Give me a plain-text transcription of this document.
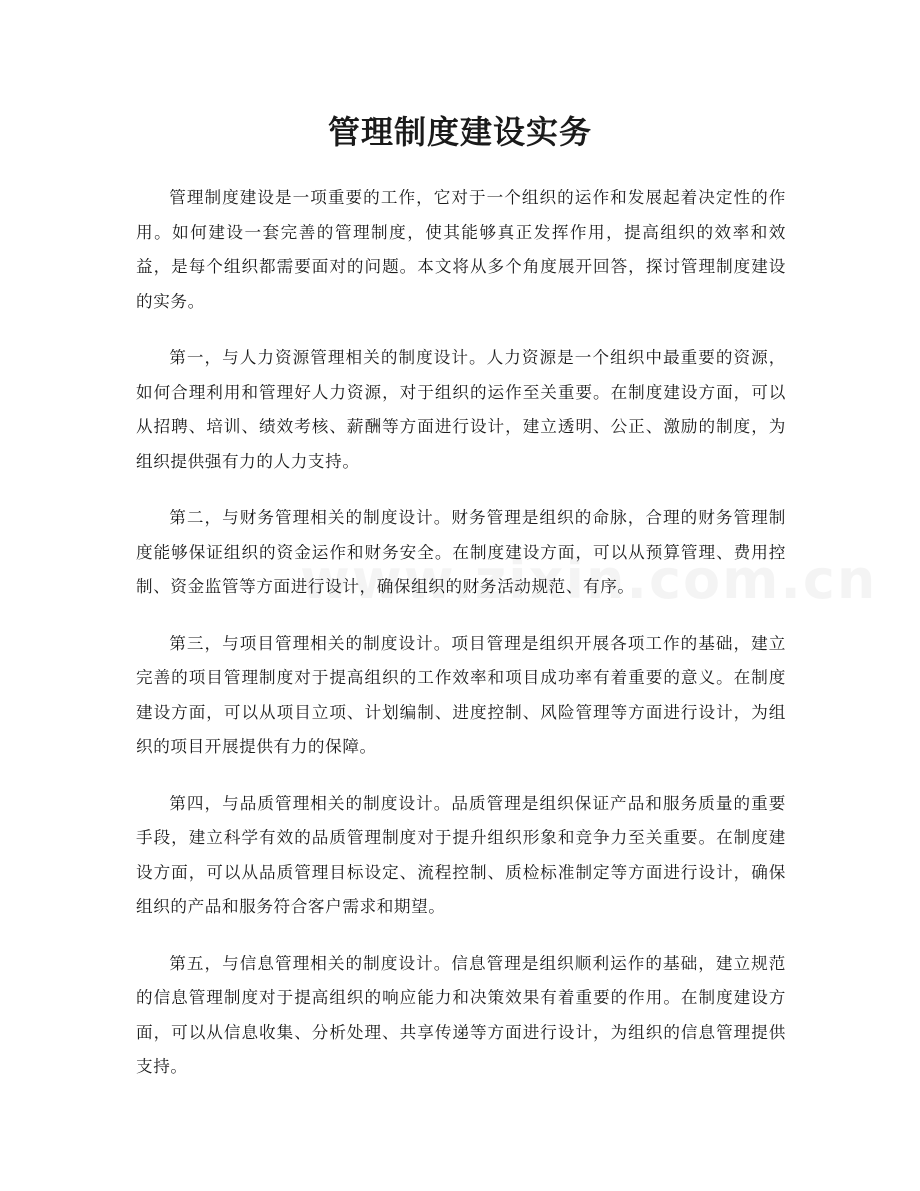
管理制度建设实务

管理制度建设是一项重要的工作，它对于一个组织的运作和发展起着决定性的作用。如何建设一套完善的管理制度，使其能够真正发挥作用，提高组织的效率和效益，是每个组织都需要面对的问题。本文将从多个角度展开回答，探讨管理制度建设的实务。

第一，与人力资源管理相关的制度设计。人力资源是一个组织中最重要的资源，如何合理利用和管理好人力资源，对于组织的运作至关重要。在制度建设方面，可以从招聘、培训、绩效考核、薪酬等方面进行设计，建立透明、公正、激励的制度，为组织提供强有力的人力支持。

第二，与财务管理相关的制度设计。财务管理是组织的命脉，合理的财务管理制度能够保证组织的资金运作和财务安全。在制度建设方面，可以从预算管理、费用控制、资金监管等方面进行设计，确保组织的财务活动规范、有序。

第三，与项目管理相关的制度设计。项目管理是组织开展各项工作的基础，建立完善的项目管理制度对于提高组织的工作效率和项目成功率有着重要的意义。在制度建设方面，可以从项目立项、计划编制、进度控制、风险管理等方面进行设计，为组织的项目开展提供有力的保障。

第四，与品质管理相关的制度设计。品质管理是组织保证产品和服务质量的重要手段，建立科学有效的品质管理制度对于提升组织形象和竞争力至关重要。在制度建设方面，可以从品质管理目标设定、流程控制、质检标准制定等方面进行设计，确保组织的产品和服务符合客户需求和期望。

第五，与信息管理相关的制度设计。信息管理是组织顺利运作的基础，建立规范的信息管理制度对于提高组织的响应能力和决策效果有着重要的作用。在制度建设方面，可以从信息收集、分析处理、共享传递等方面进行设计，为组织的信息管理提供支持。
